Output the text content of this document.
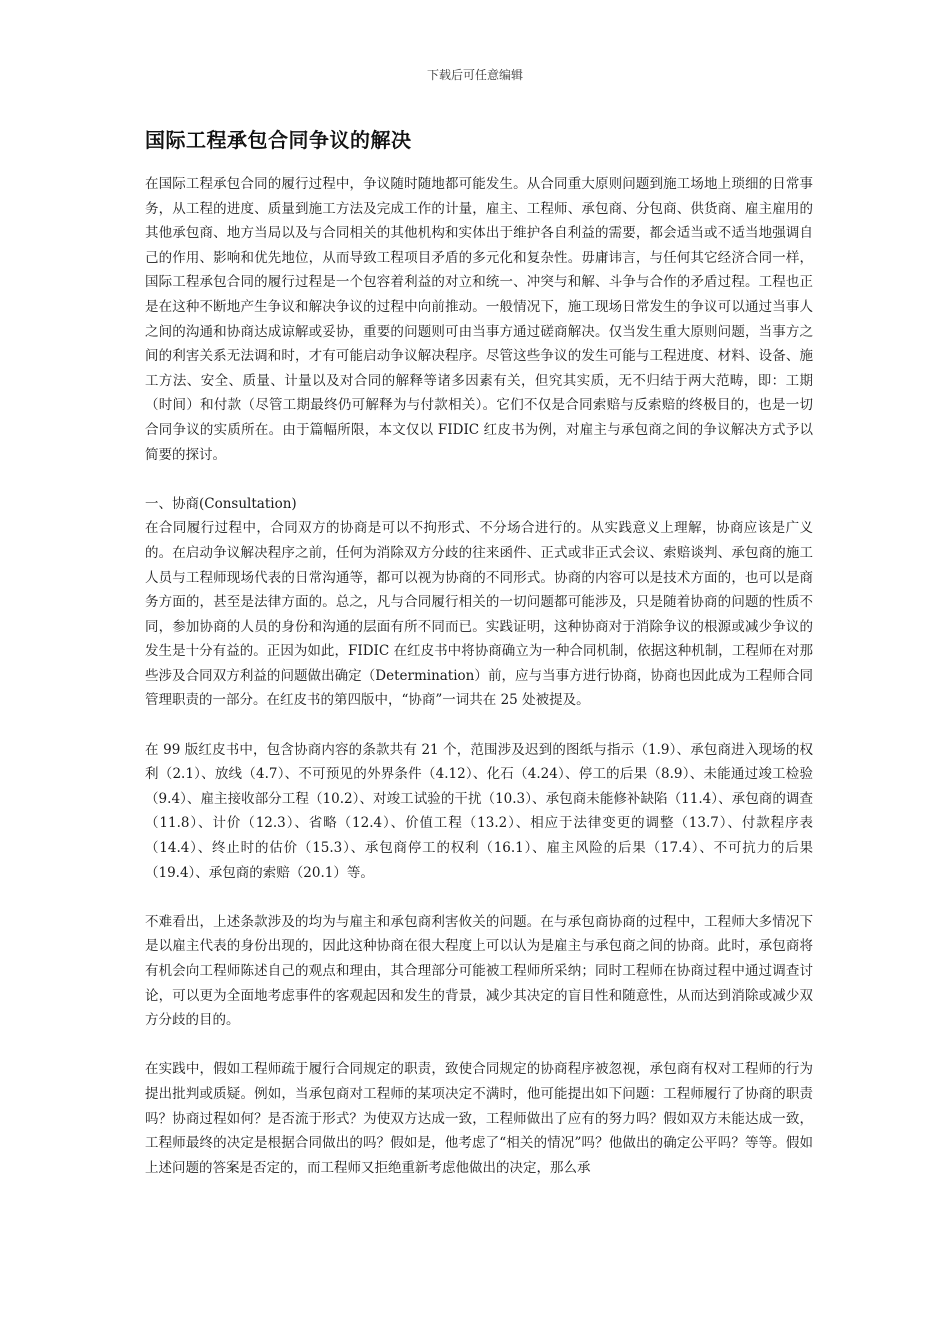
下载后可任意编辑
国际工程承包合同争议的解决

在国际工程承包合同的履行过程中，争议随时随地都可能发生。从合同重大原则问题到施工场地上琐细的日常事务，从工程的进度、质量到施工方法及完成工作的计量，雇主、工程师、承包商、分包商、供货商、雇主雇用的其他承包商、地方当局以及与合同相关的其他机构和实体出于维护各自利益的需要，都会适当或不适当地强调自己的作用、影响和优先地位，从而导致工程项目矛盾的多元化和复杂性。毋庸讳言，与任何其它经济合同一样，国际工程承包合同的履行过程是一个包容着利益的对立和统一、冲突与和解、斗争与合作的矛盾过程。工程也正是在这种不断地产生争议和解决争议的过程中向前推动。一般情况下，施工现场日常发生的争议可以通过当事人之间的沟通和协商达成谅解或妥协，重要的问题则可由当事方通过磋商解决。仅当发生重大原则问题，当事方之间的利害关系无法调和时，才有可能启动争议解决程序。尽管这些争议的发生可能与工程进度、材料、设备、施工方法、安全、质量、计量以及对合同的解释等诸多因素有关，但究其实质，无不归结于两大范畴，即：工期（时间）和付款（尽管工期最终仍可解释为与付款相关）。它们不仅是合同索赔与反索赔的终极目的，也是一切合同争议的实质所在。由于篇幅所限，本文仅以 FIDIC 红皮书为例，对雇主与承包商之间的争议解决方式予以简要的探讨。

一、协商(Consultation)

在合同履行过程中，合同双方的协商是可以不拘形式、不分场合进行的。从实践意义上理解，协商应该是广义的。在启动争议解决程序之前，任何为消除双方分歧的往来函件、正式或非正式会议、索赔谈判、承包商的施工人员与工程师现场代表的日常沟通等，都可以视为协商的不同形式。协商的内容可以是技术方面的，也可以是商务方面的，甚至是法律方面的。总之，凡与合同履行相关的一切问题都可能涉及，只是随着协商的问题的性质不同，参加协商的人员的身份和沟通的层面有所不同而已。实践证明，这种协商对于消除争议的根源或减少争议的发生是十分有益的。正因为如此，FIDIC 在红皮书中将协商确立为一种合同机制，依据这种机制，工程师在对那些涉及合同双方利益的问题做出确定（Determination）前，应与当事方进行协商，协商也因此成为工程师合同管理职责的一部分。在红皮书的第四版中，“协商”一词共在 25 处被提及。

在 99 版红皮书中，包含协商内容的条款共有 21 个，范围涉及迟到的图纸与指示（1.9）、承包商进入现场的权利（2.1）、放线（4.7）、不可预见的外界条件（4.12）、化石（4.24）、停工的后果（8.9）、未能通过竣工检验（9.4）、雇主接收部分工程（10.2）、对竣工试验的干扰（10.3）、承包商未能修补缺陷（11.4）、承包商的调查（11.8）、计价（12.3）、省略（12.4）、价值工程（13.2）、相应于法律变更的调整（13.7）、付款程序表（14.4）、终止时的估价（15.3）、承包商停工的权利（16.1）、雇主风险的后果（17.4）、不可抗力的后果（19.4）、承包商的索赔（20.1）等。

不难看出，上述条款涉及的均为与雇主和承包商利害攸关的问题。在与承包商协商的过程中，工程师大多情况下是以雇主代表的身份出现的，因此这种协商在很大程度上可以认为是雇主与承包商之间的协商。此时，承包商将有机会向工程师陈述自己的观点和理由，其合理部分可能被工程师所采纳；同时工程师在协商过程中通过调查讨论，可以更为全面地考虑事件的客观起因和发生的背景，减少其决定的盲目性和随意性，从而达到消除或减少双方分歧的目的。

在实践中，假如工程师疏于履行合同规定的职责，致使合同规定的协商程序被忽视，承包商有权对工程师的行为提出批判或质疑。例如，当承包商对工程师的某项决定不满时，他可能提出如下问题：工程师履行了协商的职责吗？协商过程如何？是否流于形式？为使双方达成一致，工程师做出了应有的努力吗？假如双方未能达成一致，工程师最终的决定是根据合同做出的吗？假如是，他考虑了“相关的情况”吗？他做出的确定公平吗？等等。假如上述问题的答案是否定的，而工程师又拒绝重新考虑他做出的决定，那么承
